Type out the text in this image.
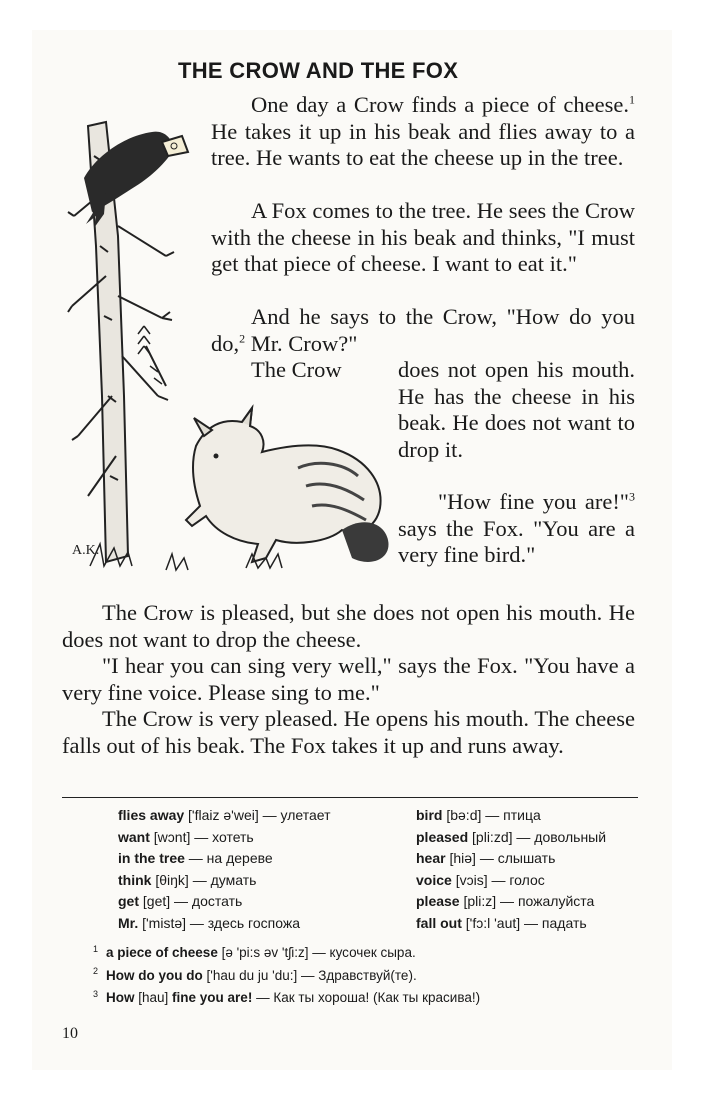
THE CROW AND THE FOX
A.K.

One day a Crow finds a piece of cheese.$^1$ He takes it up in his beak and flies away to a tree. He wants to eat the cheese up in the tree.

A Fox comes to the tree. He sees the Crow with the cheese in his beak and thinks, "I must get that piece of cheese. I want to eat it."

And he says to the Crow, "How do you do,$^2$ Mr. Crow?"

The Crow	does not open his mouth. He has the cheese in his beak. He does not want to drop it.

"How fine you are!"$^3$ says the Fox. "You are a very fine bird."

The Crow is pleased, but she does not open his mouth. He does not want to drop the cheese.

"I hear you can sing very well," says the Fox. "You have a very fine voice. Please sing to me."

The Crow is very pleased. He opens his mouth. The cheese falls out of his beak. The Fox takes it up and runs away.

flies away ['flaiz ə'wei] — улетает
want [wɔnt] — хотеть
in the tree — на дереве
think [θiŋk] — думать
get [get] — достать
Mr. ['mistə] — здесь госпожа
bird [bə:d] — птица
pleased [pli:zd] — довольный
hear [hiə] — слышать
voice [vɔis] — голос
please [pli:z] — пожалуйста
fall out ['fɔ:l 'aut] — падать
$^1$ a piece of cheese [ə 'pi:s əv 'tʃi:z] — кусочек сыра.
$^2$ How do you do ['hau du ju 'du:] — Здравствуй(те).
$^3$ How [hau] fine you are! — Как ты хороша! (Как ты красива!)
10
